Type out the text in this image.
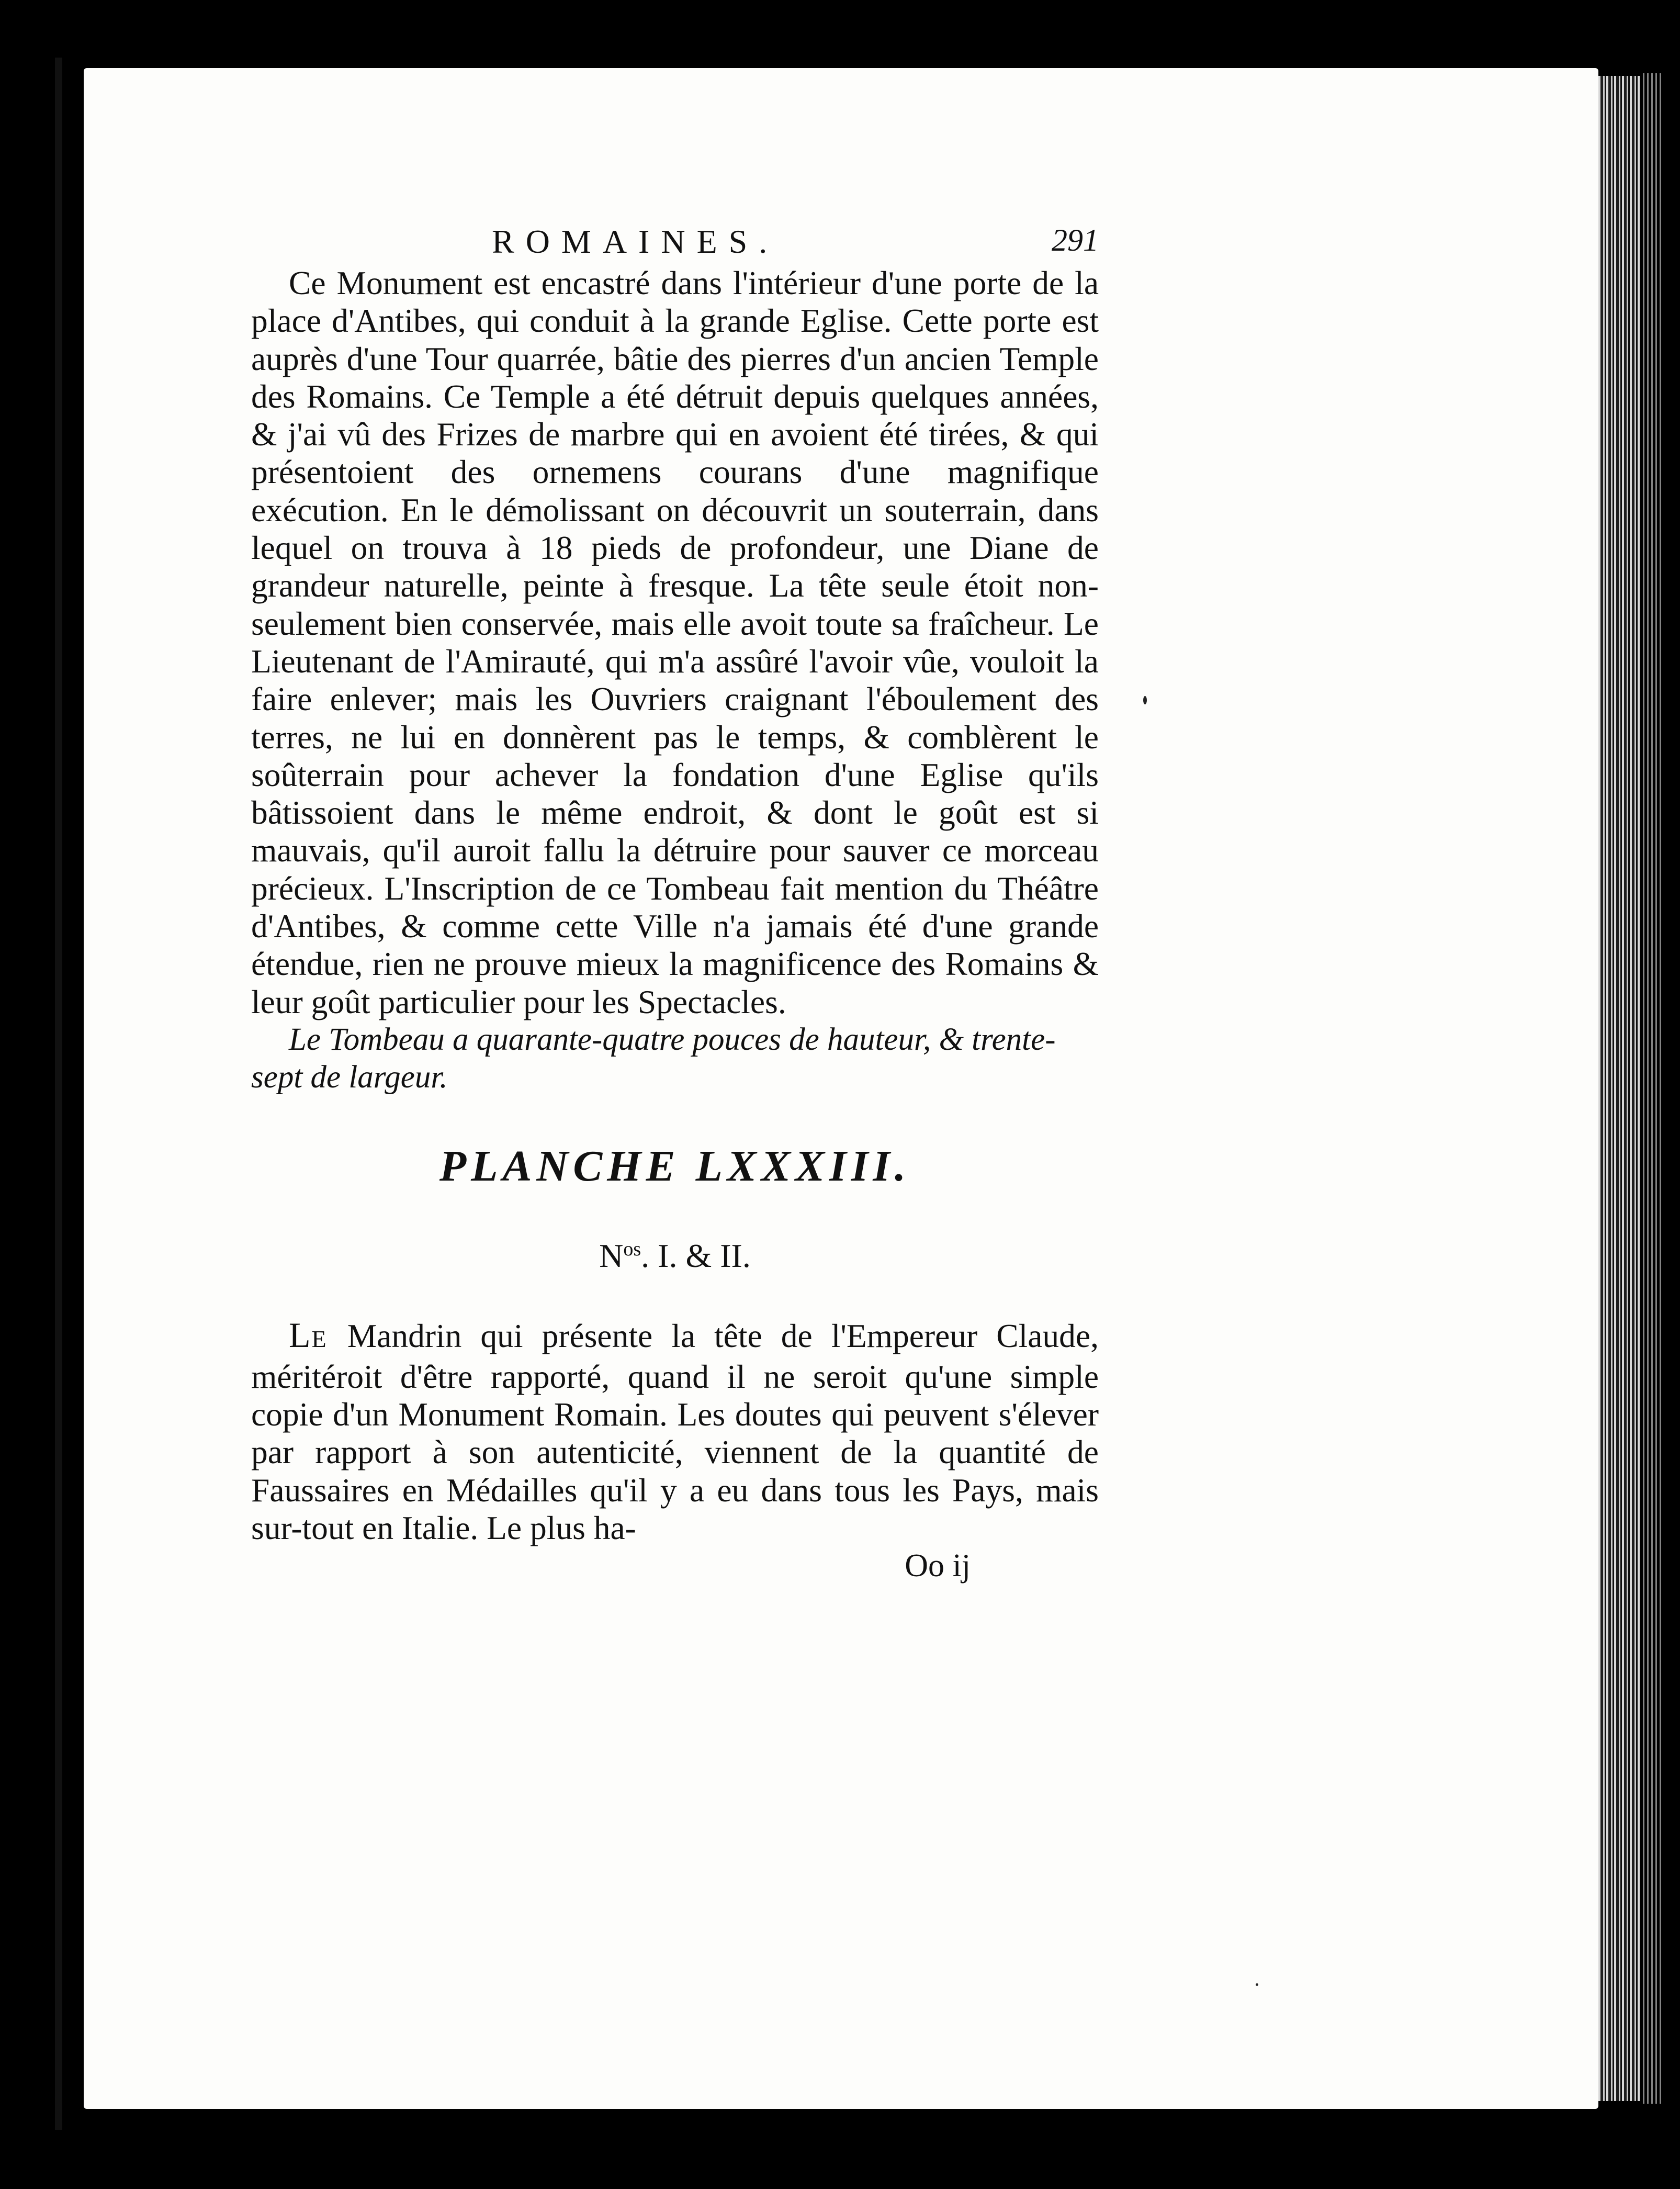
ROMAINES.	291

Ce Monument est encastré dans l'intérieur d'une porte de la place d'Antibes, qui conduit à la grande Eglise. Cette porte est auprès d'une Tour quarrée, bâtie des pierres d'un ancien Temple des Romains. Ce Temple a été détruit depuis quelques années, & j'ai vû des Frizes de marbre qui en avoient été tirées, & qui présentoient des ornemens courans d'une magnifique exécution. En le démolissant on découvrit un souterrain, dans lequel on trouva à 18 pieds de profondeur, une Diane de grandeur naturelle, peinte à fresque. La tête seule étoit non-seulement bien conservée, mais elle avoit toute sa fraîcheur. Le Lieutenant de l'Amirauté, qui m'a assûré l'avoir vûe, vouloit la faire enlever; mais les Ouvriers craignant l'éboulement des terres, ne lui en donnèrent pas le temps, & comblèrent le soûterrain pour achever la fondation d'une Eglise qu'ils bâtissoient dans le même endroit, & dont le goût est si mauvais, qu'il auroit fallu la détruire pour sauver ce morceau précieux. L'Inscription de ce Tombeau fait mention du Théâtre d'Antibes, & comme cette Ville n'a jamais été d'une grande étendue, rien ne prouve mieux la magnificence des Romains & leur goût particulier pour les Spectacles.

Le Tombeau a quarante-quatre pouces de hauteur, & trente-sept de largeur.

PLANCHE LXXXIII.
$N^{os}$. I. & II.

LE Mandrin qui présente la tête de l'Empereur Claude, méritéroit d'être rapporté, quand il ne seroit qu'une simple copie d'un Monument Romain. Les doutes qui peuvent s'élever par rapport à son autenticité, viennent de la quantité de Faussaires en Médailles qu'il y a eu dans tous les Pays, mais sur-tout en Italie. Le plus ha-

Oo ij
